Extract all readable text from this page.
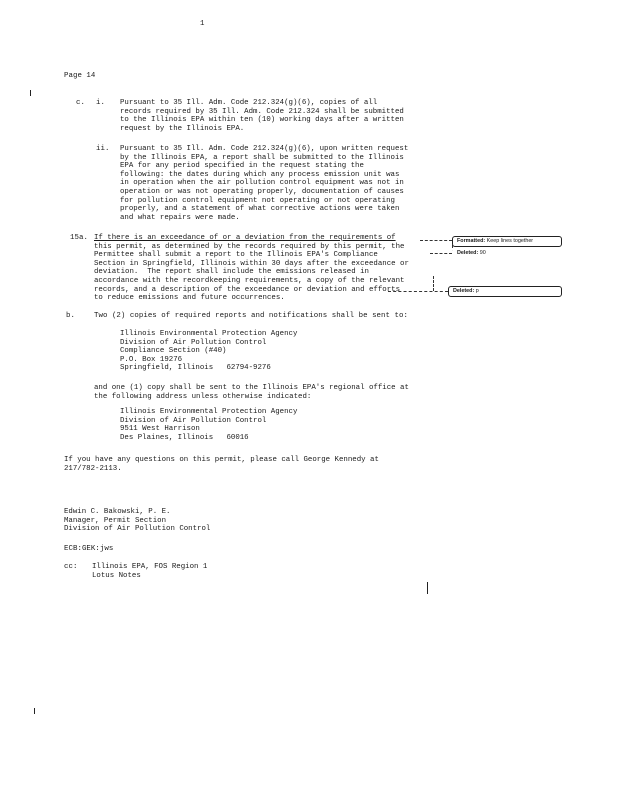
1
Page 14
c. i. Pursuant to 35 Ill. Adm. Code 212.324(g)(6), copies of all
records required by 35 Ill. Adm. Code 212.324 shall be submitted
to the Illinois EPA within ten (10) working days after a written
request by the Illinois EPA.
ii. Pursuant to 35 Ill. Adm. Code 212.324(g)(6), upon written request
by the Illinois EPA, a report shall be submitted to the Illinois
EPA for any period specified in the request stating the
following: the dates during which any process emission unit was
in operation when the air pollution control equipment was not in
operation or was not operating properly, documentation of causes
for pollution control equipment not operating or not operating
properly, and a statement of what corrective actions were taken
and what repairs were made.
15a. If there is an exceedance of or a deviation from the requirements of
this permit, as determined by the records required by this permit, the
Permittee shall submit a report to the Illinois EPA's Compliance
Section in Springfield, Illinois within 30 days after the exceedance or
deviation.  The report shall include the emissions released in
accordance with the recordkeeping requirements, a copy of the relevant
records, and a description of the exceedance or deviation and efforts
to reduce emissions and future occurrences.
Formatted: Keep lines together
Deleted: 90
Deleted: p
b.	Two (2) copies of required reports and notifications shall be sent to:
Illinois Environmental Protection Agency
Division of Air Pollution Control
Compliance Section (#40)
P.O. Box 19276
Springfield, Illinois   62794-9276
and one (1) copy shall be sent to the Illinois EPA's regional office at
the following address unless otherwise indicated:
Illinois Environmental Protection Agency
Division of Air Pollution Control
9511 West Harrison
Des Plaines, Illinois   60016
If you have any questions on this permit, please call George Kennedy at
217/782-2113.
Edwin C. Bakowski, P. E.
Manager, Permit Section
Division of Air Pollution Control
ECB:GEK:jws
cc: Illinois EPA, FOS Region 1
Lotus Notes
